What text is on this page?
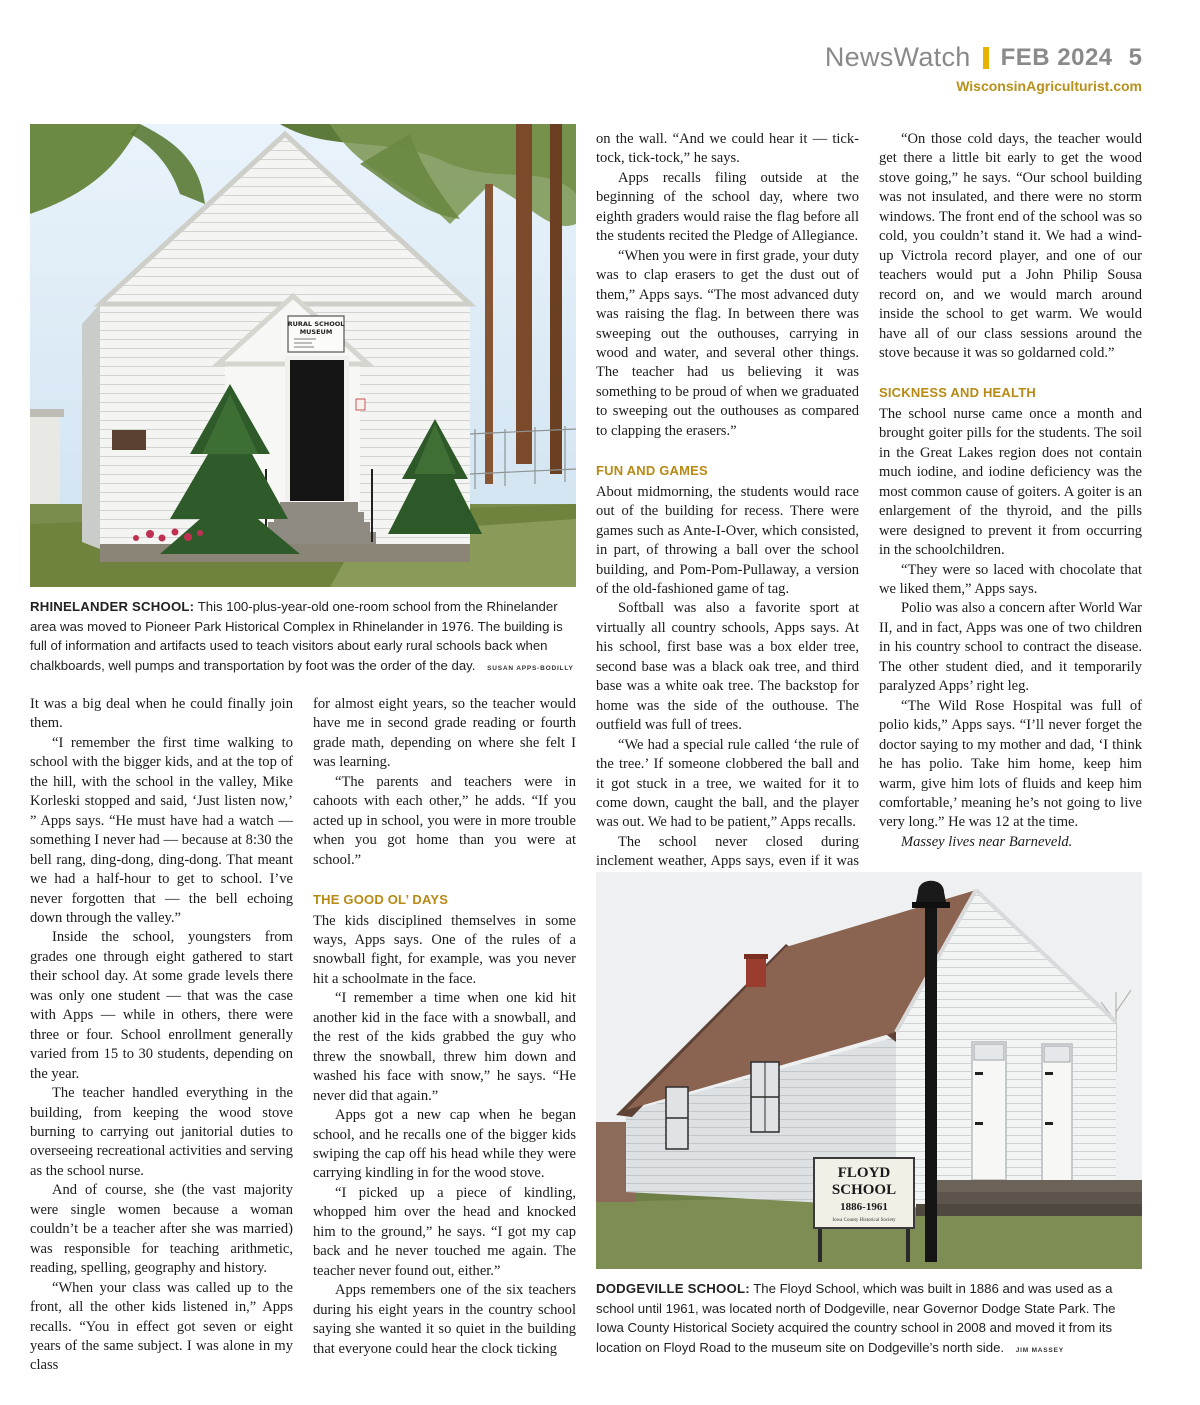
NewsWatch FEB 2024 5
WisconsinAgriculturist.com
RURAL SCHOOL
MUSEUM
RHINELANDER SCHOOL: This 100-plus-year-old one-room school from the Rhinelander area was moved to Pioneer Park Historical Complex in Rhinelander in 1976. The building is full of information and artifacts used to teach visitors about early rural schools back when chalkboards, well pumps and transportation by foot was the order of the day. SUSAN APPS-BODILLY

It was a big deal when he could finally join them.

“I remember the first time walking to school with the bigger kids, and at the top of the hill, with the school in the valley, Mike Korleski stopped and said, ‘Just listen now,’ ” Apps says. “He must have had a watch — something I never had — because at 8:30 the bell rang, ding-dong, ding-dong. That meant we had a half-hour to get to school. I’ve never forgotten that — the bell echoing down through the valley.”

Inside the school, youngsters from grades one through eight gathered to start their school day. At some grade levels there was only one student — that was the case with Apps — while in others, there were three or four. School enrollment generally varied from 15 to 30 students, depending on the year.

The teacher handled everything in the building, from keeping the wood stove burning to carrying out janitorial duties to overseeing recreational activities and serving as the school nurse.

And of course, she (the vast majority were single women because a woman couldn’t be a teacher after she was married) was responsible for teaching arithmetic, reading, spelling, geography and history.

“When your class was called up to the front, all the other kids listened in,” Apps recalls. “You in effect got seven or eight years of the same subject. I was alone in my class

for almost eight years, so the teacher would have me in second grade reading or fourth grade math, depending on where she felt I was learning.

“The parents and teachers were in cahoots with each other,” he adds. “If you acted up in school, you were in more trouble when you got home than you were at school.”

THE GOOD OL’ DAYS

The kids disciplined themselves in some ways, Apps says. One of the rules of a snowball fight, for example, was you never hit a schoolmate in the face.

“I remember a time when one kid hit another kid in the face with a snowball, and the rest of the kids grabbed the guy who threw the snowball, threw him down and washed his face with snow,” he says. “He never did that again.”

Apps got a new cap when he began school, and he recalls one of the bigger kids swiping the cap off his head while they were carrying kindling in for the wood stove.

“I picked up a piece of kindling, whopped him over the head and knocked him to the ground,” he says. “I got my cap back and he never touched me again. The teacher never found out, either.”

Apps remembers one of the six teachers during his eight years in the country school saying she wanted it so quiet in the building that everyone could hear the clock ticking

on the wall. “And we could hear it — tick-tock, tick-tock,” he says.

Apps recalls filing outside at the beginning of the school day, where two eighth graders would raise the flag before all the students recited the Pledge of Allegiance.

“When you were in first grade, your duty was to clap erasers to get the dust out of them,” Apps says. “The most advanced duty was raising the flag. In between there was sweeping out the outhouses, carrying in wood and water, and several other things. The teacher had us believing it was something to be proud of when we graduated to sweeping out the outhouses as compared to clapping the erasers.”

FUN AND GAMES

About midmorning, the students would race out of the building for recess. There were games such as Ante-I-Over, which consisted, in part, of throwing a ball over the school building, and Pom-Pom-Pullaway, a version of the old-fashioned game of tag.

Softball was also a favorite sport at virtually all country schools, Apps says. At his school, first base was a box elder tree, second base was a black oak tree, and third base was a white oak tree. The backstop for home was the side of the outhouse. The outfield was full of trees.

“We had a special rule called ‘the rule of the tree.’ If someone clobbered the ball and it got stuck in a tree, we waited for it to come down, caught the ball, and the player was out. We had to be patient,” Apps recalls.

The school never closed during inclement weather, Apps says, even if it was

“On those cold days, the teacher would get there a little bit early to get the wood stove going,” he says. “Our school building was not insulated, and there were no storm windows. The front end of the school was so cold, you couldn’t stand it. We had a wind-up Victrola record player, and one of our teachers would put a John Philip Sousa record on, and we would march around inside the school to get warm. We would have all of our class sessions around the stove because it was so goldarned cold.”

SICKNESS AND HEALTH

The school nurse came once a month and brought goiter pills for the students. The soil in the Great Lakes region does not contain much iodine, and iodine deficiency was the most common cause of goiters. A goiter is an enlargement of the thyroid, and the pills were designed to prevent it from occurring in the schoolchildren.

“They were so laced with chocolate that we liked them,” Apps says.

Polio was also a concern after World War II, and in fact, Apps was one of two children in his country school to contract the disease. The other student died, and it temporarily paralyzed Apps’ right leg.

“The Wild Rose Hospital was full of polio kids,” Apps says. “I’ll never forget the doctor saying to my mother and dad, ‘I think he has polio. Take him home, keep him warm, give him lots of fluids and keep him comfortable,’ meaning he’s not going to live very long.” He was 12 at the time.

Massey lives near Barneveld.

FLOYD
SCHOOL
1886-1961
Iowa County Historical Society
DODGEVILLE SCHOOL: The Floyd School, which was built in 1886 and was used as a school until 1961, was located north of Dodgeville, near Governor Dodge State Park. The Iowa County Historical Society acquired the country school in 2008 and moved it from its location on Floyd Road to the museum site on Dodgeville’s north side. JIM MASSEY
